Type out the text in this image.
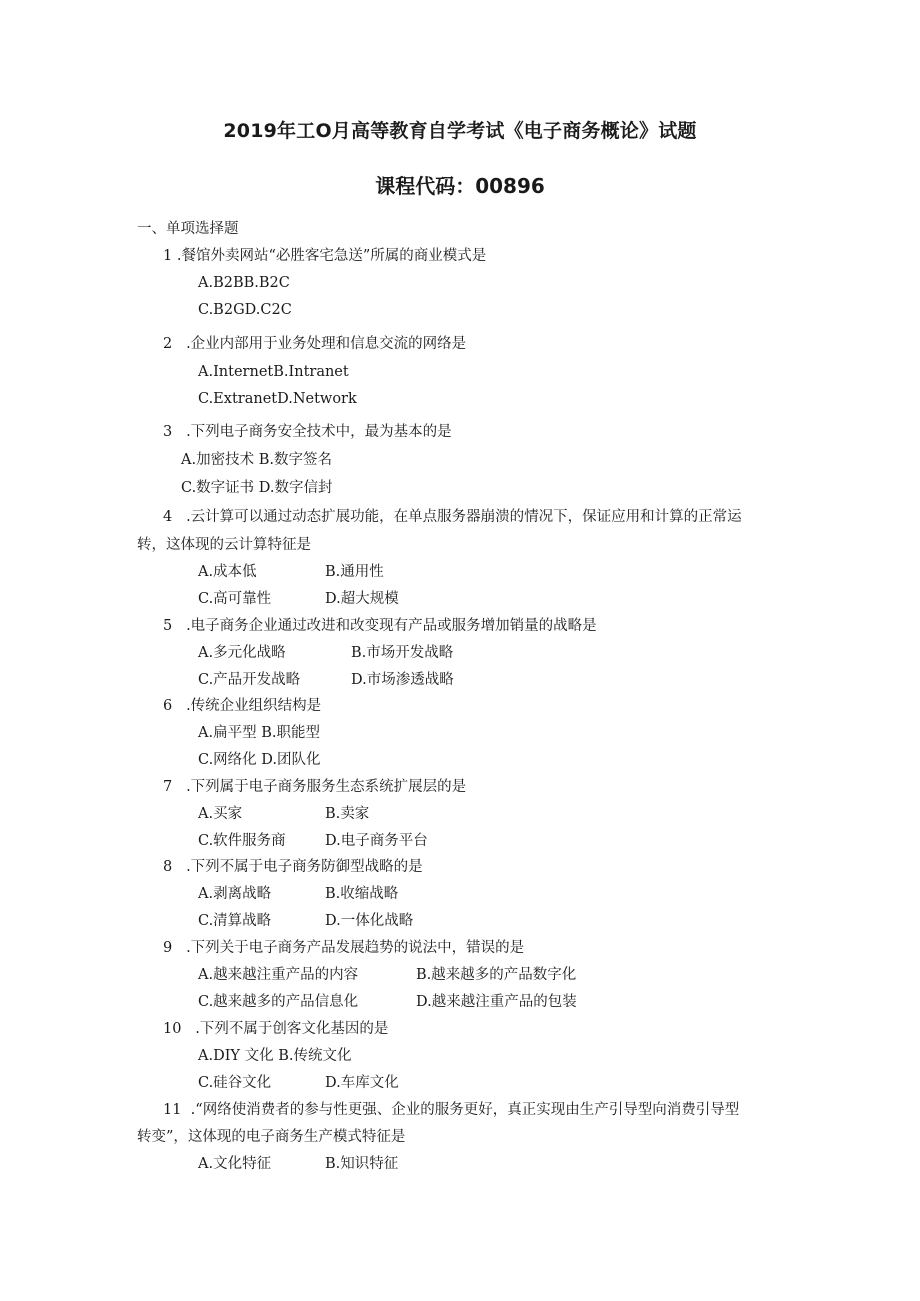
2019年工O月高等教育自学考试《电子商务概论》试题
课程代码：00896
一、单项选择题
1 .餐馆外卖网站“必胜客宅急送”所属的商业模式是
A.B2BB.B2C
C.B2GD.C2C
2 .企业内部用于业务处理和信息交流的网络是
A.InternetB.Intranet
C.ExtranetD.Network
3 .下列电子商务安全技术中，最为基本的是
A.加密技术 B.数字签名
C.数字证书 D.数字信封
4 .云计算可以通过动态扩展功能，在单点服务器崩溃的情况下，保证应用和计算的正常运
转，这体现的云计算特征是
A.成本低	B.通用性
C.高可靠性	D.超大规模
5 .电子商务企业通过改进和改变现有产品或服务增加销量的战略是
A.多元化战略	B.市场开发战略
C.产品开发战略	D.市场渗透战略
6 .传统企业组织结构是
A.扁平型 B.职能型
C.网络化 D.团队化
7 .下列属于电子商务服务生态系统扩展层的是
A.买家	B.卖家
C.软件服务商	D.电子商务平台
8 .下列不属于电子商务防御型战略的是
A.剥离战略	B.收缩战略
C.清算战略	D.一体化战略
9 .下列关于电子商务产品发展趋势的说法中，错误的是
A.越来越注重产品的内容	B.越来越多的产品数字化
C.越来越多的产品信息化	D.越来越注重产品的包装
10 .下列不属于创客文化基因的是
A.DIY 文化 B.传统文化
C.硅谷文化	D.车库文化
11 .“网络使消费者的参与性更强、企业的服务更好，真正实现由生产引导型向消费引导型
转变”，这体现的电子商务生产模式特征是
A.文化特征	B.知识特征
